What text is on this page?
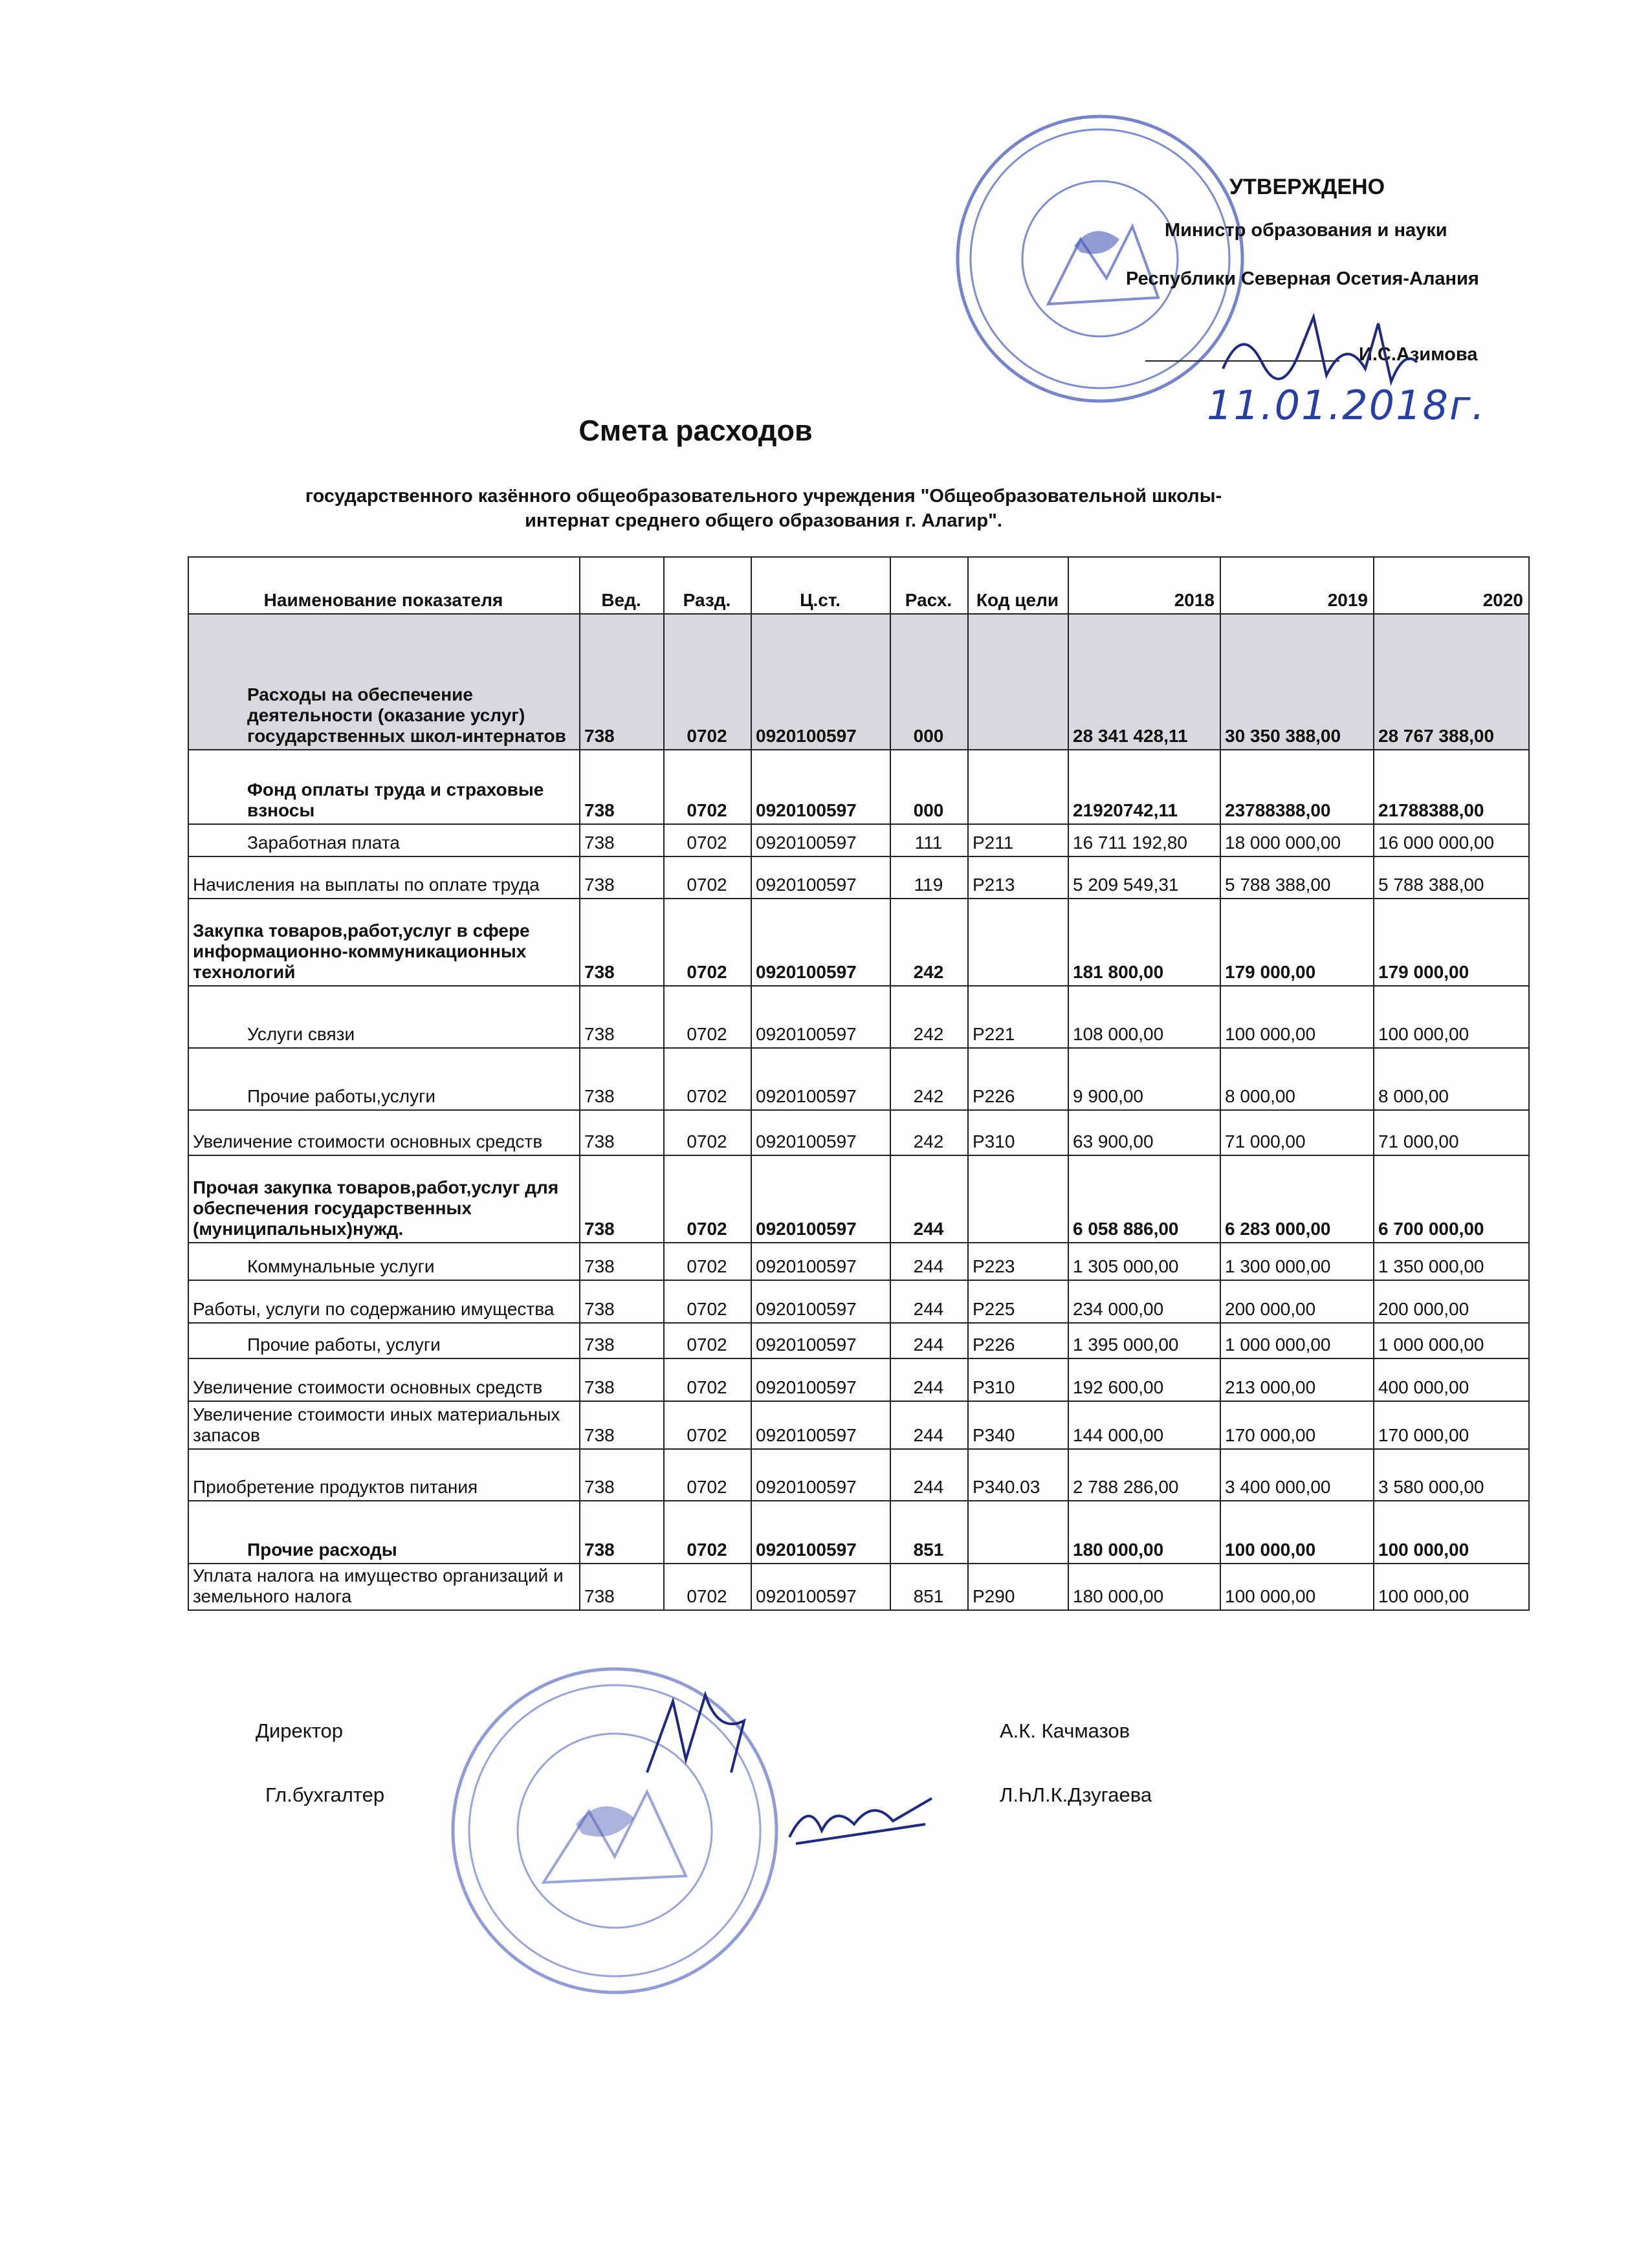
УТВЕРЖДЕНО
Министр образования и науки
Республики Северная Осетия-Алания
И.С.Азимова
11.01.2018г.
Смета расходов
государственного казённого общеобразовательного учреждения "Общеобразовательной школы-
интернат среднего общего образования г. Алагир".
Наименование показателя	Вед.	Разд.	Ц.ст.	Расх.	Код цели	2018	2019	2020
Расходы на обеспечение деятельности (оказание услуг) государственных школ-интернатов	738	0702	0920100597	000		28 341 428,11	30 350 388,00	28 767 388,00
Фонд оплаты труда и страховые взносы	738	0702	0920100597	000		21920742,11	23788388,00	21788388,00
Заработная плата	738	0702	0920100597	111	Р211	16 711 192,80	18 000 000,00	16 000 000,00
Начисления на выплаты по оплате труда	738	0702	0920100597	119	Р213	5 209 549,31	5 788 388,00	5 788 388,00
Закупка товаров,работ,услуг в сфере информационно-коммуникационных технологий	738	0702	0920100597	242		181 800,00	179 000,00	179 000,00
Услуги связи	738	0702	0920100597	242	Р221	108 000,00	100 000,00	100 000,00
Прочие работы,услуги	738	0702	0920100597	242	Р226	9 900,00	8 000,00	8 000,00
Увеличение стоимости основных средств	738	0702	0920100597	242	Р310	63 900,00	71 000,00	71 000,00
Прочая закупка товаров,работ,услуг для обеспечения государственных (муниципальных)нужд.	738	0702	0920100597	244		6 058 886,00	6 283 000,00	6 700 000,00
Коммунальные услуги	738	0702	0920100597	244	Р223	1 305 000,00	1 300 000,00	1 350 000,00
Работы, услуги по содержанию имущества	738	0702	0920100597	244	Р225	234 000,00	200 000,00	200 000,00
Прочие работы, услуги	738	0702	0920100597	244	Р226	1 395 000,00	1 000 000,00	1 000 000,00
Увеличение стоимости основных средств	738	0702	0920100597	244	Р310	192 600,00	213 000,00	400 000,00
Увеличение стоимости иных материальных запасов	738	0702	0920100597	244	Р340	144 000,00	170 000,00	170 000,00
Приобретение продуктов питания	738	0702	0920100597	244	Р340.03	2 788 286,00	3 400 000,00	3 580 000,00
Прочие расходы	738	0702	0920100597	851		180 000,00	100 000,00	100 000,00
Уплата налога на имущество организаций и земельного налога	738	0702	0920100597	851	Р290	180 000,00	100 000,00	100 000,00
Директор	А.К. Качмазов
Гл.бухгалтер	Л.ҺЛ.К.Дзугаева
